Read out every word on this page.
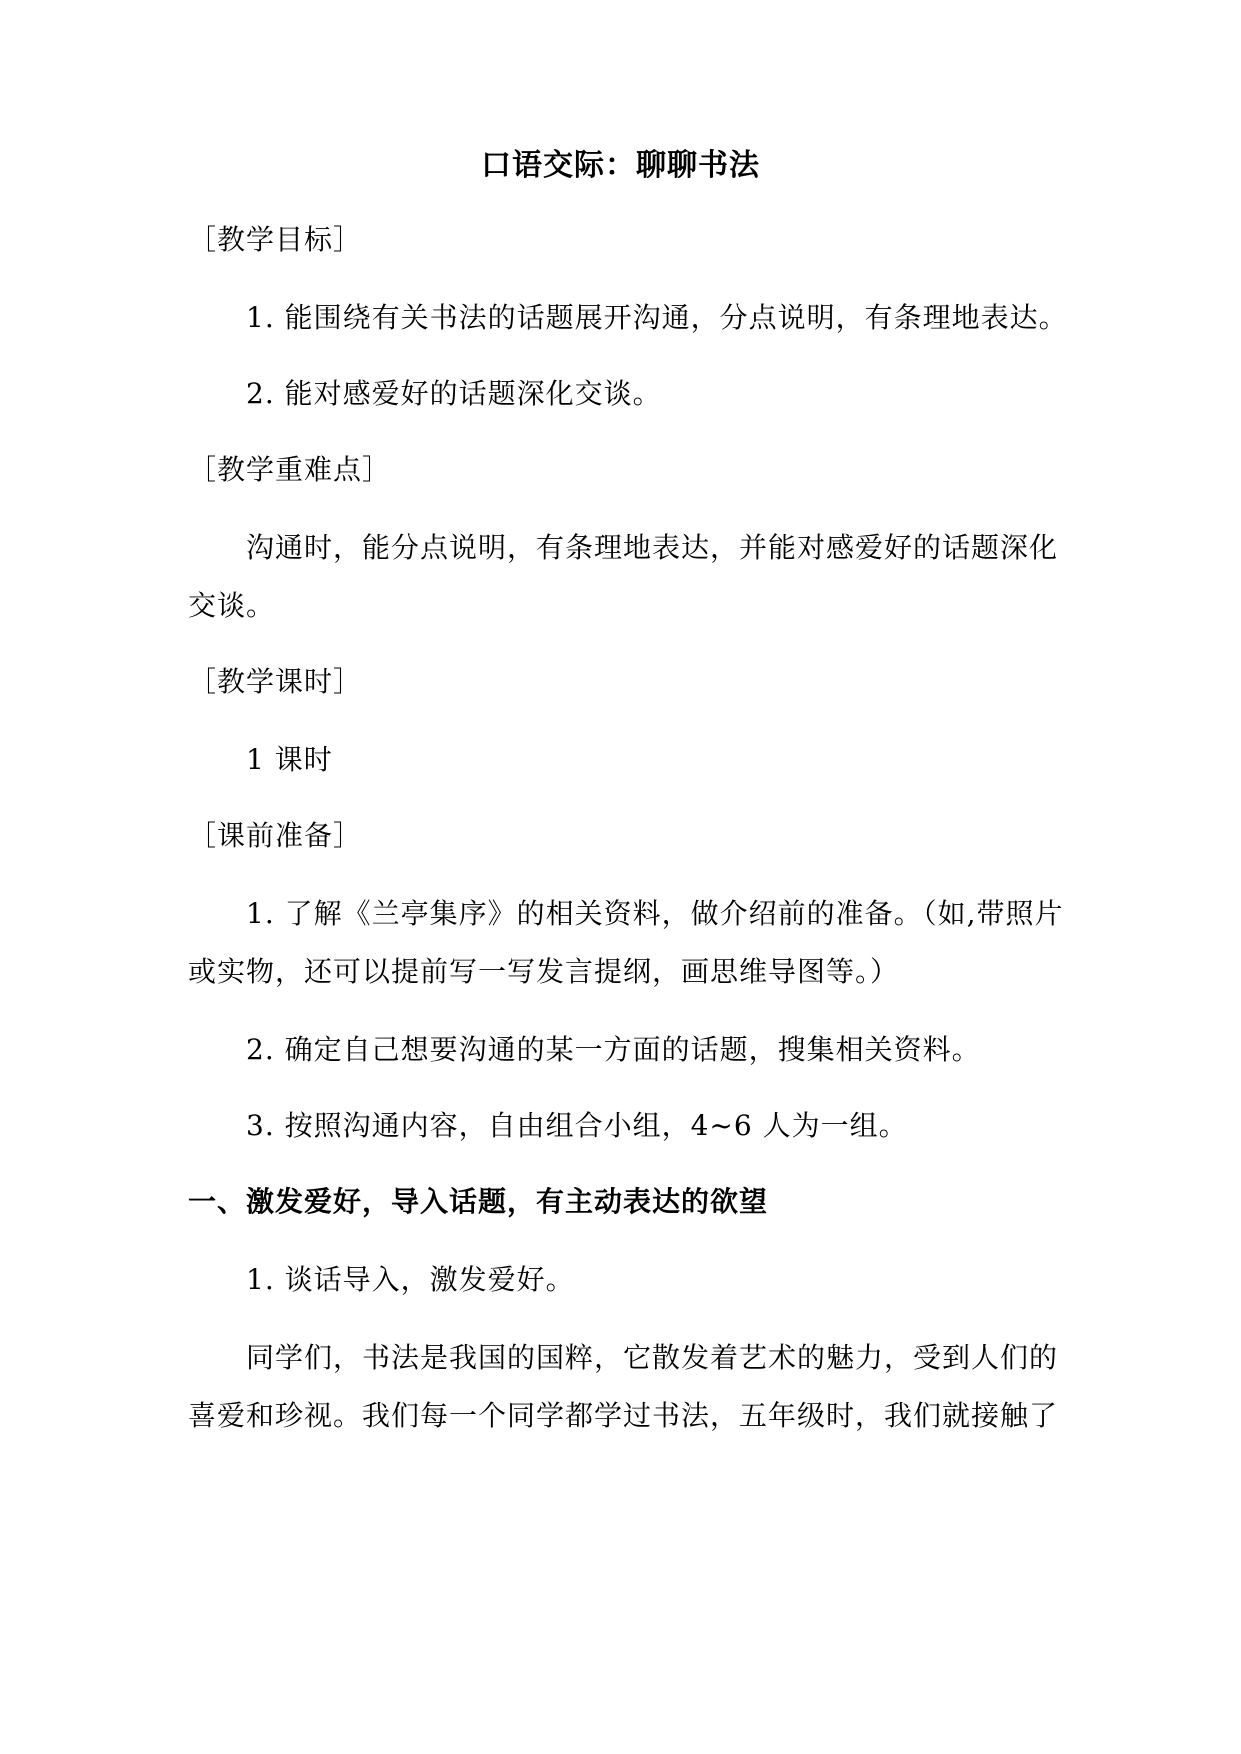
口语交际：聊聊书法
［教学目标］
1. 能围绕有关书法的话题展开沟通，分点说明，有条理地表达。
2. 能对感爱好的话题深化交谈。
［教学重难点］
沟通时，能分点说明，有条理地表达，并能对感爱好的话题深化
交谈。
［教学课时］
1 课时
［课前准备］
1. 了解《兰亭集序》的相关资料，做介绍前的准备。（如,带照片
或实物，还可以提前写一写发言提纲，画思维导图等。）
2. 确定自己想要沟通的某一方面的话题，搜集相关资料。
3. 按照沟通内容，自由组合小组，4~6 人为一组。
一、激发爱好，导入话题，有主动表达的欲望
1. 谈话导入，激发爱好。
同学们，书法是我国的国粹，它散发着艺术的魅力，受到人们的
喜爱和珍视。我们每一个同学都学过书法，五年级时，我们就接触了
